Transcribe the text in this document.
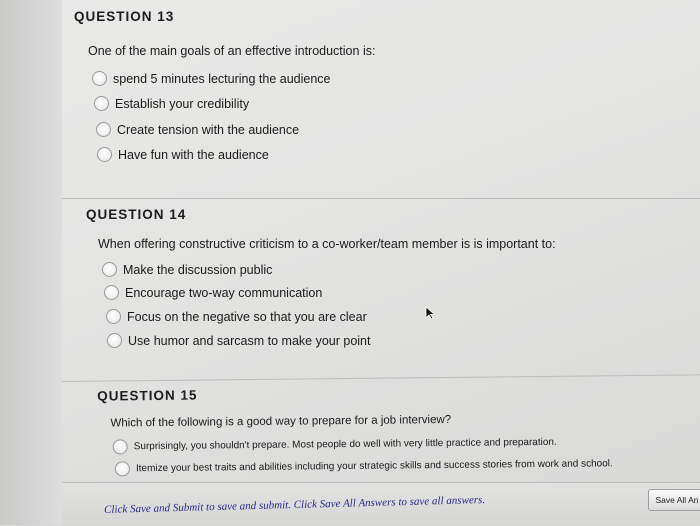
QUESTION 13
One of the main goals of an effective introduction is:
spend 5 minutes lecturing the audience
Establish your credibility
Create tension with the audience
Have fun with the audience
QUESTION 14
When offering constructive criticism to a co-worker/team member is is important to:
Make the discussion public
Encourage two-way communication
Focus on the negative so that you are clear
Use humor and sarcasm to make your point
QUESTION 15
Which of the following is a good way to prepare for a job interview?
Surprisingly, you shouldn't prepare. Most people do well with very little practice and preparation.
Itemize your best traits and abilities including your strategic skills and success stories from work and school.
Click Save and Submit to save and submit. Click Save All Answers to save all answers.	Save All An
